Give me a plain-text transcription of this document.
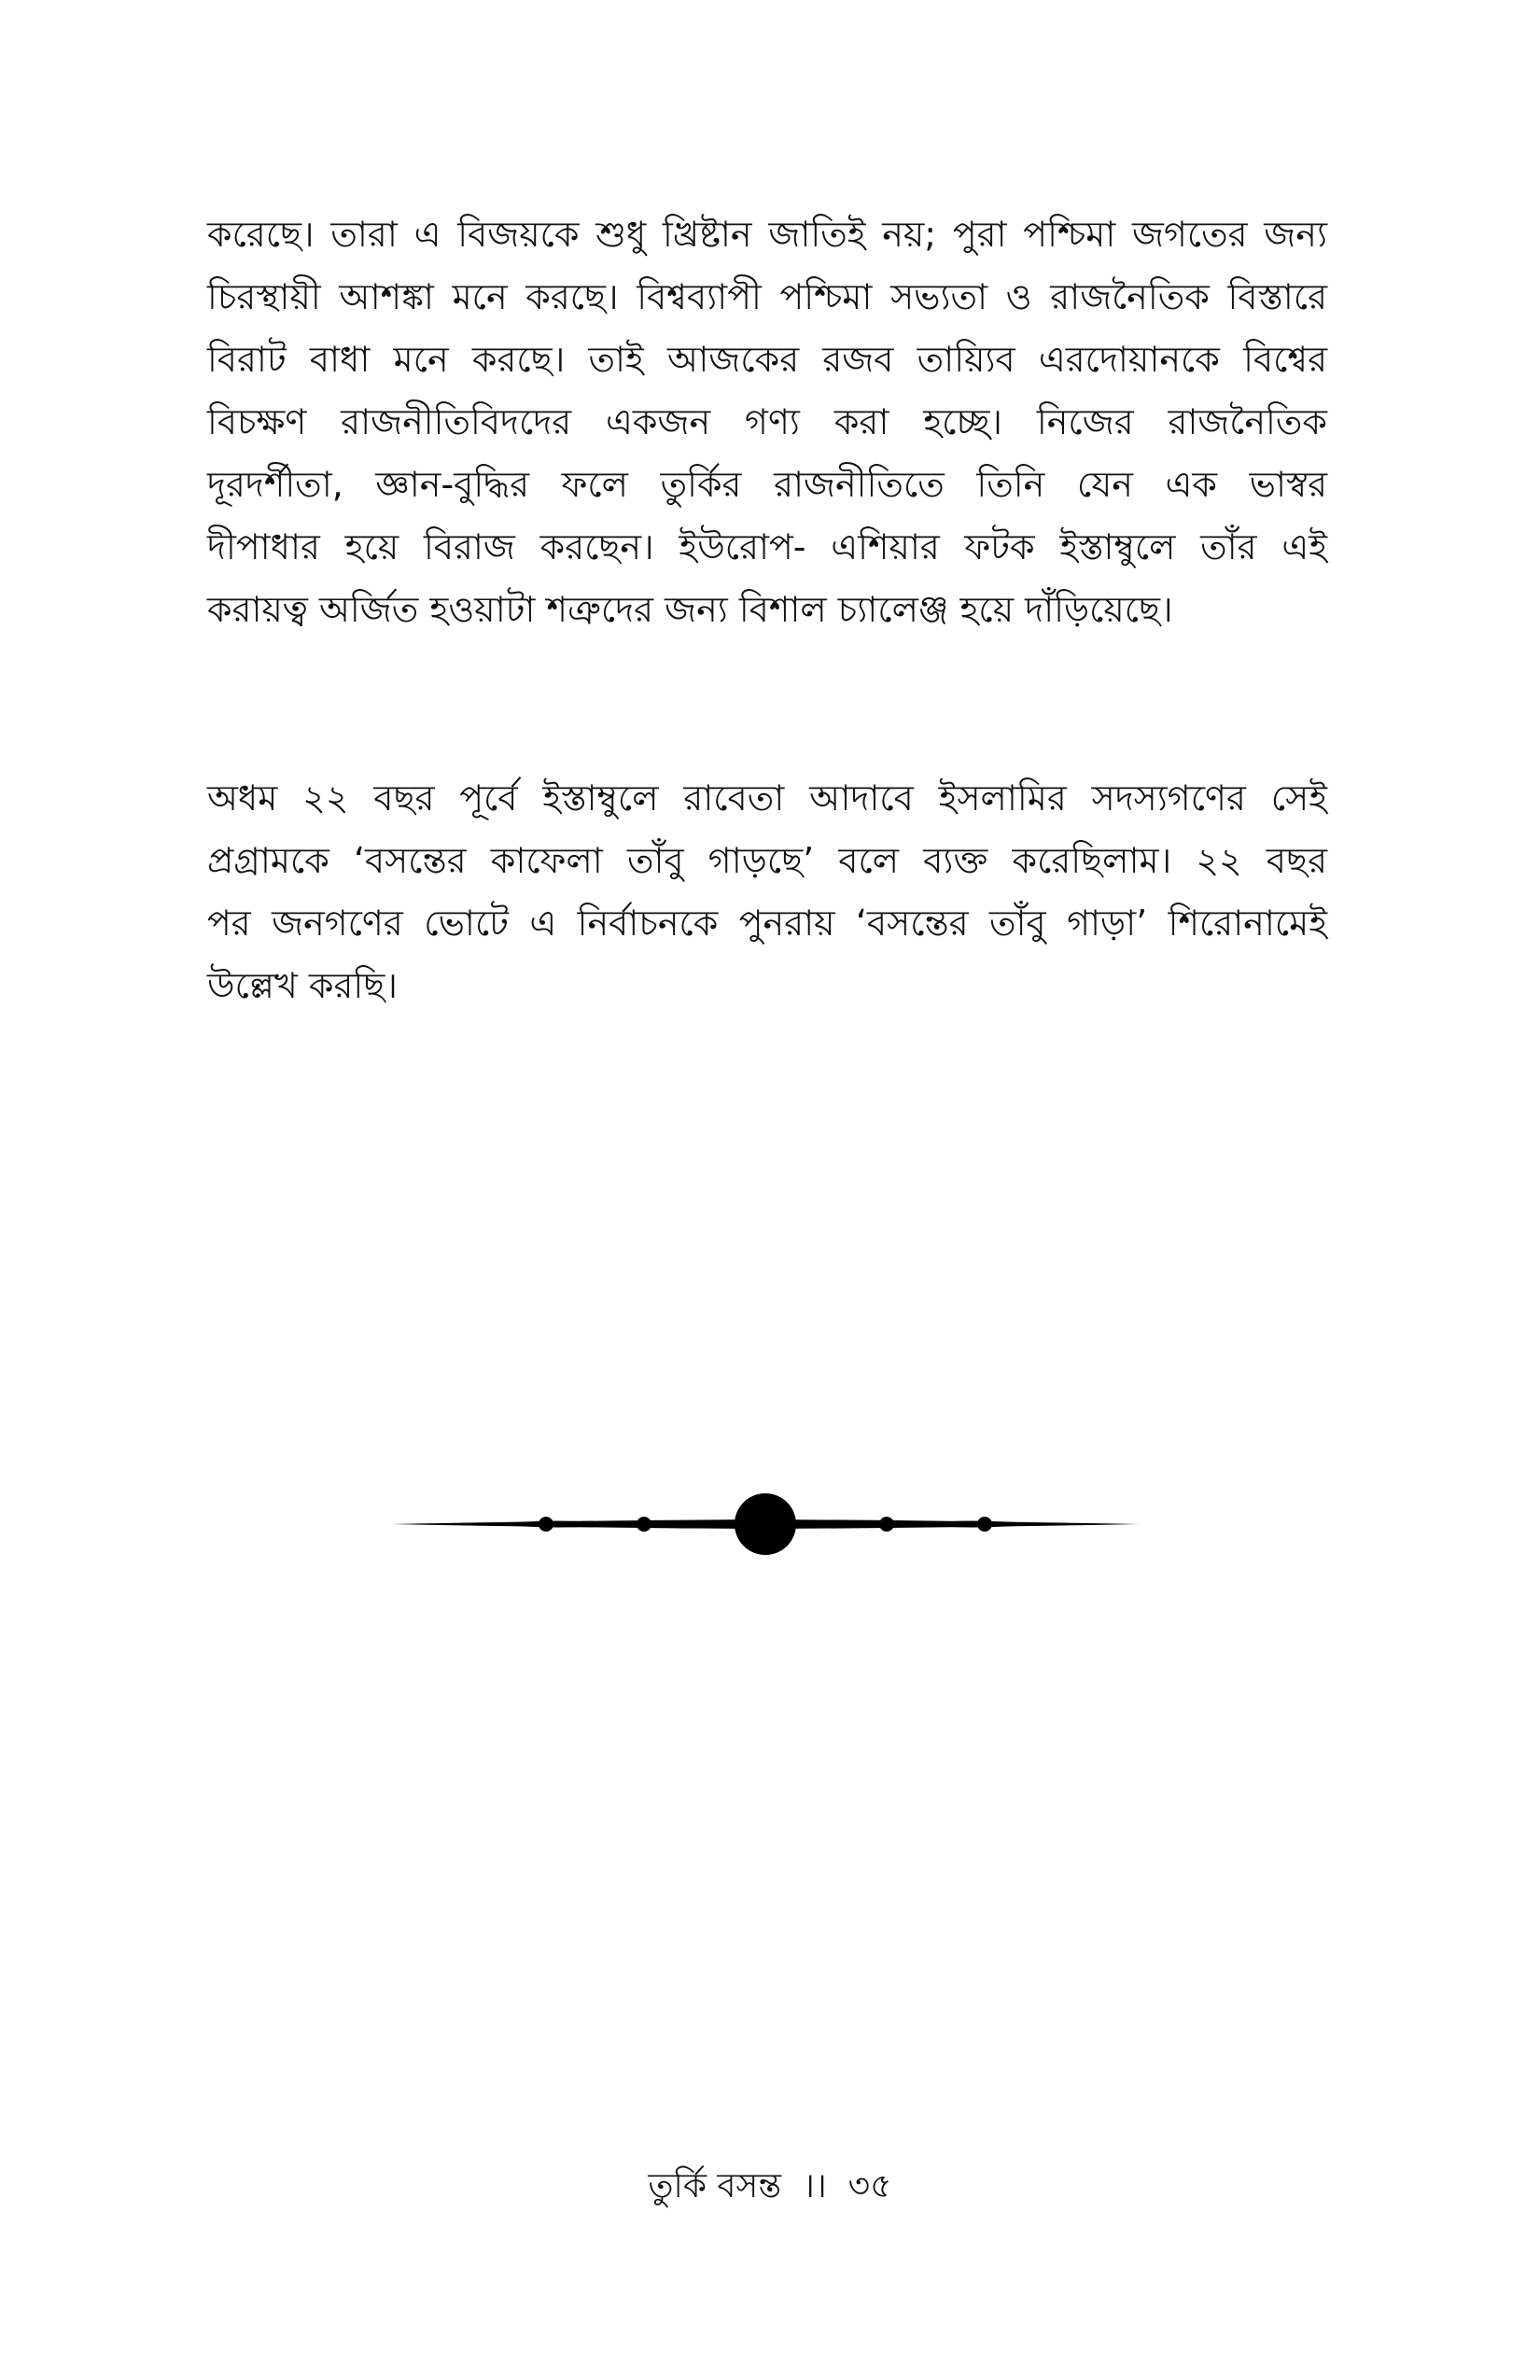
করেছে। তারা এ বিজয়কে শুধু খ্রিষ্টান জাতিই নয়; পুরা পশ্চিমা জগতের জন্য
চিরস্থায়ী আশঙ্কা মনে করছে। বিশ্বব্যাপী পশ্চিমা সভ্যতা ও রাজনৈতিক বিস্তারে
বিরাট বাধা মনে করছে। তাই আজকের রজব তায়্যিব এরদোয়ানকে বিশ্বের
বিচক্ষণ রাজনীতিবিদদের একজন গণ্য করা হচ্ছে। নিজের রাজনৈতিক
দূরদর্শীতা, জ্ঞান-বুদ্ধির ফলে তুর্কির রাজনীতিতে তিনি যেন এক ভাস্বর
দীপাধার হয়ে বিরাজ করছেন। ইউরোপ- এশিয়ার ফটক ইস্তাম্বুলে তাঁর এই
করায়ত্ব অর্জিত হওয়াটা শত্রুদের জন্য বিশাল চ্যালেঞ্জ হয়ে দাঁড়িয়েছে।
অধম ২২ বছর পূর্বে ইস্তাম্বুলে রাবেতা আদাবে ইসলামির সদস্যগণের সেই
প্রগ্রামকে ‘বসন্তের কাফেলা তাঁবু গাড়ছে’ বলে ব্যক্ত করেছিলাম। ২২ বছর
পর জনগণের ভোটে এ নির্বাচনকে পুনরায় ‘বসন্তের তাঁবু গাড়া’ শিরোনামেই
উল্লেখ করছি।
তুর্কি বসন্ত ।। ৩৫
